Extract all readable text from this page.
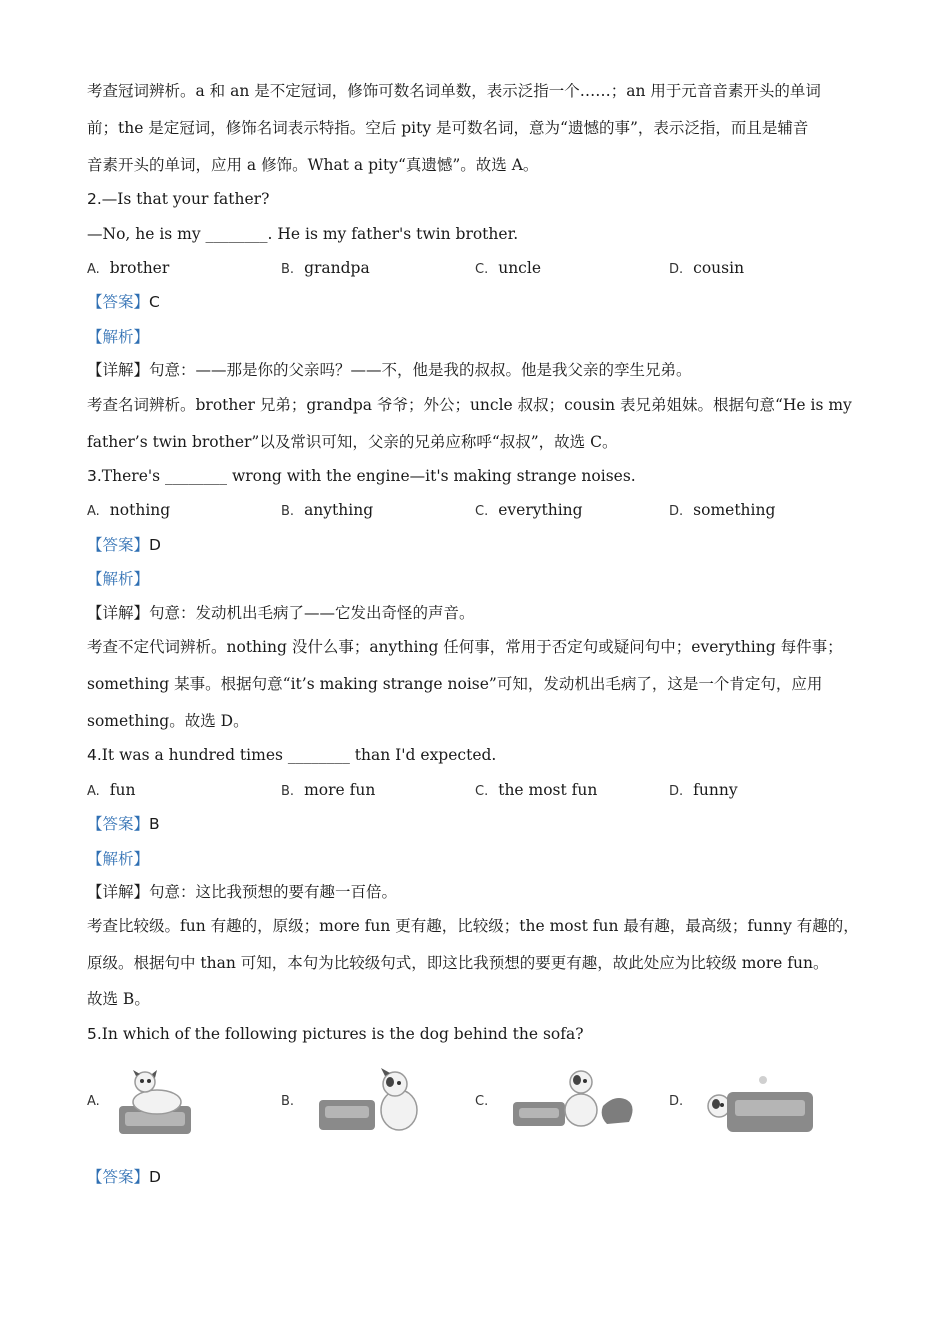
考查冠词辨析。a 和 an 是不定冠词，修饰可数名词单数，表示泛指一个……；an 用于元音音素开头的单词
前；the 是定冠词，修饰名词表示特指。空后 pity 是可数名词，意为“遗憾的事”，表示泛指，而且是辅音
音素开头的单词，应用 a 修饰。What a pity“真遗憾”。故选 A。
2.—Is that your father?
—No, he is my ________. He is my father's twin brother.
A. brother	B. grandpa	C. uncle	D. cousin
【答案】C
【解析】
【详解】句意：——那是你的父亲吗？——不，他是我的叔叔。他是我父亲的孪生兄弟。
考查名词辨析。brother 兄弟；grandpa 爷爷；外公；uncle 叔叔；cousin 表兄弟姐妹。根据句意“He is my
father’s twin brother”以及常识可知，父亲的兄弟应称呼“叔叔”，故选 C。
3.There's ________ wrong with the engine—it's making strange noises.
A. nothing	B. anything	C. everything	D. something
【答案】D
【解析】
【详解】句意：发动机出毛病了——它发出奇怪的声音。
考查不定代词辨析。nothing 没什么事；anything 任何事，常用于否定句或疑问句中；everything 每件事；
something 某事。根据句意“it’s making strange noise”可知，发动机出毛病了，这是一个肯定句，应用
something。故选 D。
4.It was a hundred times ________ than I'd expected.
A. fun	B. more fun	C. the most fun	D. funny
【答案】B
【解析】
【详解】句意：这比我预想的要有趣一百倍。
考查比较级。fun 有趣的，原级；more fun 更有趣，比较级；the most fun 最有趣，最高级；funny 有趣的，
原级。根据句中 than 可知，本句为比较级句式，即这比我预想的要更有趣，故此处应为比较级 more fun。
故选 B。
5.In which of the following pictures is the dog behind the sofa?
A.	B.	C.	D.
【答案】D
